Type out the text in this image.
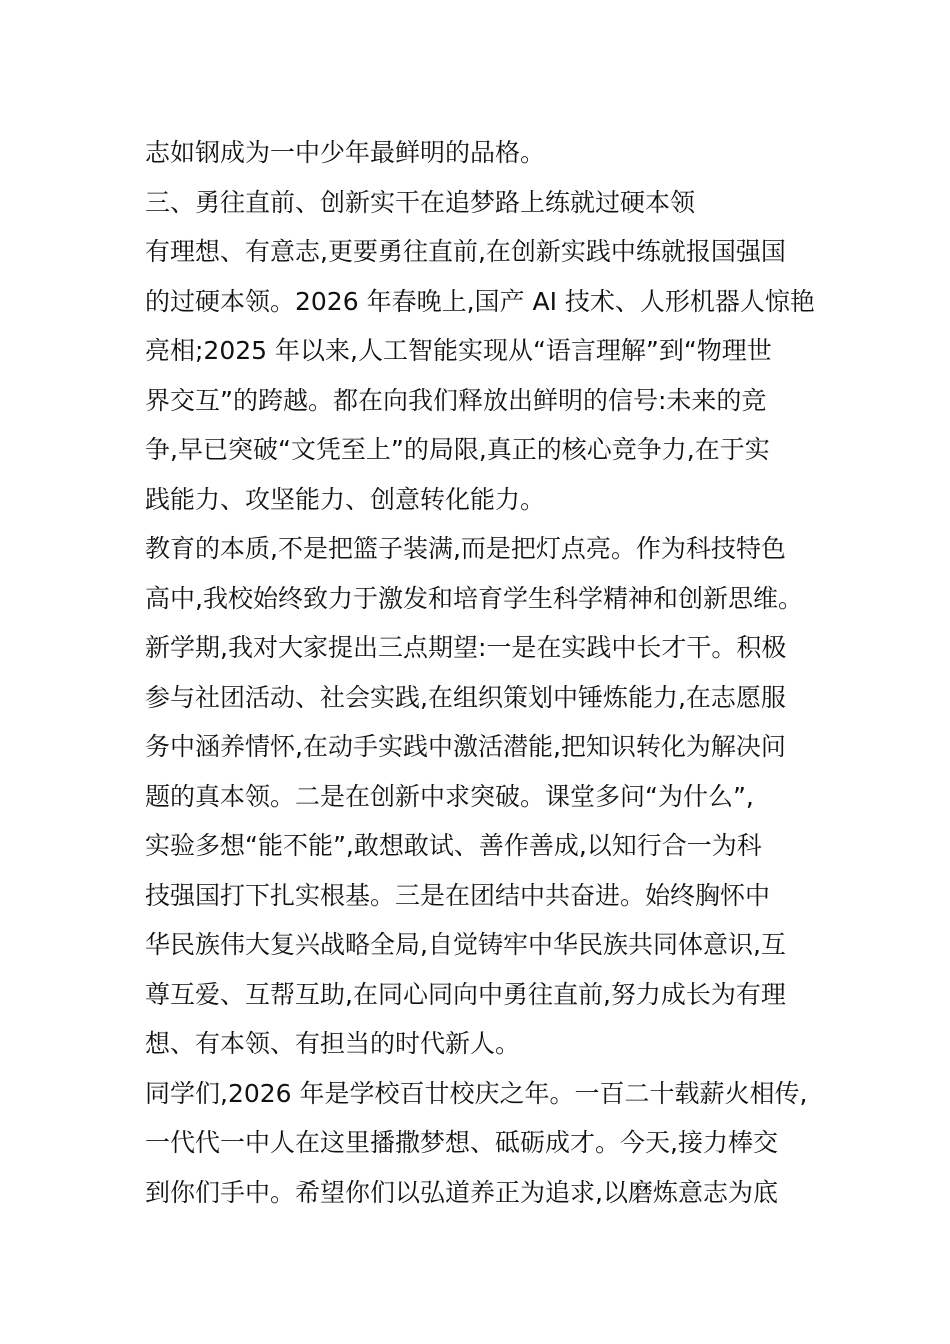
志如钢成为一中少年最鲜明的品格。
三、勇往直前、创新实干在追梦路上练就过硬本领
有理想、有意志,更要勇往直前,在创新实践中练就报国强国
的过硬本领。2026 年春晚上,国产 AI 技术、人形机器人惊艳
亮相;2025 年以来,人工智能实现从“语言理解”到“物理世
界交互”的跨越。都在向我们释放出鲜明的信号:未来的竞
争,早已突破“文凭至上”的局限,真正的核心竞争力,在于实
践能力、攻坚能力、创意转化能力。
教育的本质,不是把篮子装满,而是把灯点亮。作为科技特色
高中,我校始终致力于激发和培育学生科学精神和创新思维。
新学期,我对大家提出三点期望:一是在实践中长才干。积极
参与社团活动、社会实践,在组织策划中锤炼能力,在志愿服
务中涵养情怀,在动手实践中激活潜能,把知识转化为解决问
题的真本领。二是在创新中求突破。课堂多问“为什么”,
实验多想“能不能”,敢想敢试、善作善成,以知行合一为科
技强国打下扎实根基。三是在团结中共奋进。始终胸怀中
华民族伟大复兴战略全局,自觉铸牢中华民族共同体意识,互
尊互爱、互帮互助,在同心同向中勇往直前,努力成长为有理
想、有本领、有担当的时代新人。
同学们,2026 年是学校百廿校庆之年。一百二十载薪火相传,
一代代一中人在这里播撒梦想、砥砺成才。今天,接力棒交
到你们手中。希望你们以弘道养正为追求,以磨炼意志为底
